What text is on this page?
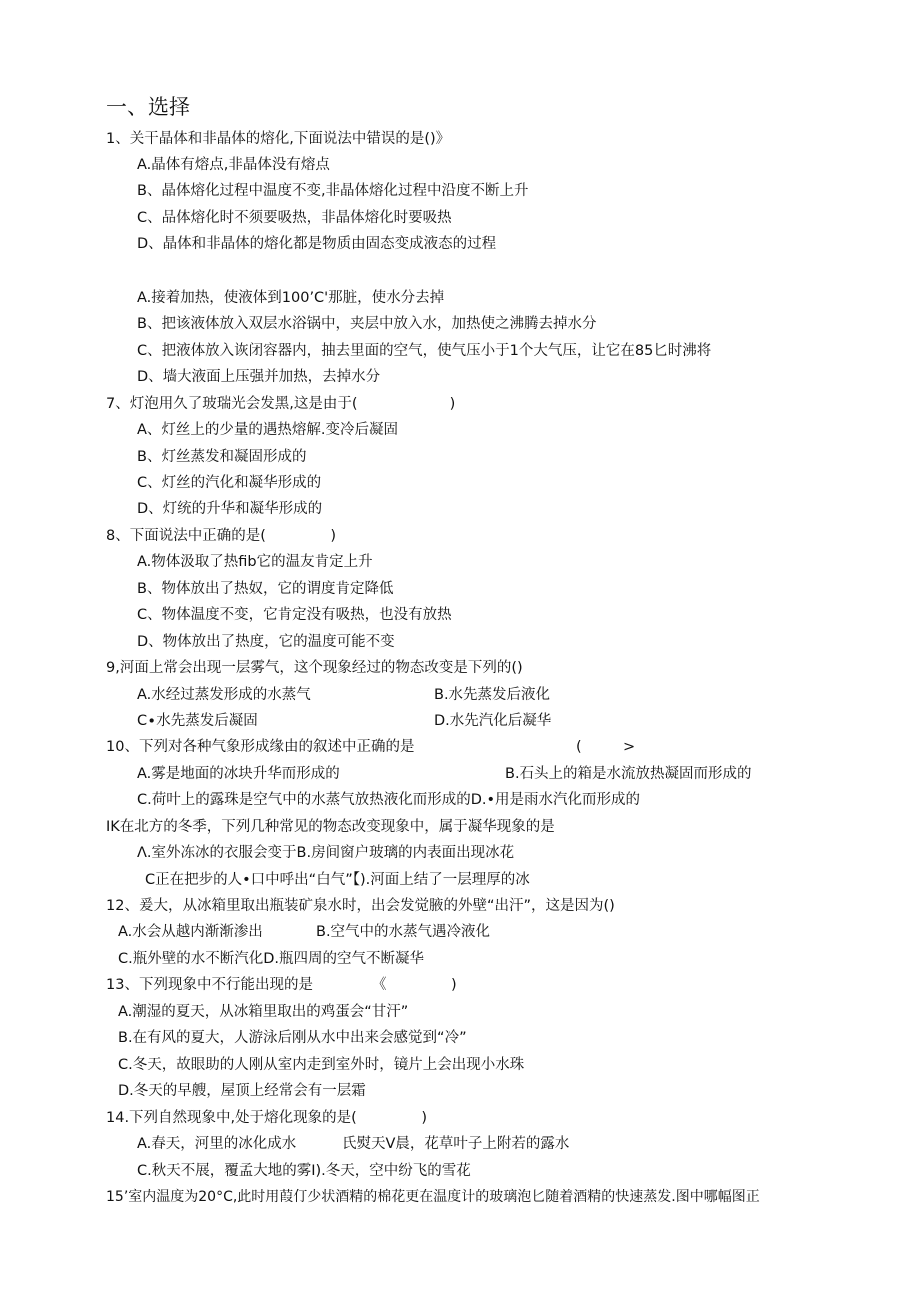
一、选择
1、关干晶体和非晶体的熔化,下面说法中错误的是()》
A.晶体有熔点,非晶体没有熔点
B、晶体熔化过程中温度不变,非晶体熔化过程中沿度不断上升
C、品体熔化时不须要吸热，非晶体熔化时要吸热
D、晶体和非晶体的熔化都是物质由固态变成液态的过程
A.接着加热，使液体到100’C'那脏，使水分去掉
B、把该液体放入双层水浴锅中，夹层中放入水，加热使之沸腾去掉水分
C、把液体放入诙闭容器内，抽去里面的空气，使气压小于1个大气压，让它在85匕时沸将
D、墙大液面上压强并加热，去掉水分
7、灯泡用久了玻瑞光会发黑,这是由于(                    )
A、灯丝上的少量的遇热熔解.变冷后凝固
B、灯丝蒸发和凝固形成的
C、灯丝的汽化和凝华形成的
D、灯统的升华和凝华形成的
8、下面说法中正确的是(              )
A.物体汲取了热fib它的温友肯定上升
B、物体放出了热奴，它的谓度肯定降低
C、物体温度不变，它肯定没有吸热，也没有放热
D、物体放出了热度，它的温度可能不变
9,河面上常会出现一层雾气，这个现象经过的物态改变是下列的()
A.水经过蒸发形成的水蒸气	B.水先蒸发后液化
C∙水先蒸发后凝固	D.水先汽化后凝华
10、下列对各种气象形成缘由的叙述中正确的是	(	>
A.雾是地面的冰块升华而形成的	B.石头上的箱是水流放热凝固而形成的
C.荷叶上的露珠是空气中的水蒸气放热液化而形成的D.•用是雨水汽化而形成的
IK在北方的冬季，下列几种常见的物态改变现象中，属于凝华现象的是
Λ.室外冻冰的衣服会变于B.房间窗户玻璃的内表面出现冰花
C正在把步的人•口中呼出“白气”【).河面上结了一层理厚的冰
12、爰大，从冰箱里取出瓶装矿泉水时，出会发觉腋的外壁“出汗”，这是因为()
A.水会从越内渐渐渗出	B.空气中的水蒸气遇冷液化
C.瓶外壁的水不断汽化D.瓶四周的空气不断凝华
13、下列现象中不行能出现的是	《              )
A.潮湿的夏天，从冰箱里取出的鸡蛋会“甘汗”
B.在有风的夏大，人游泳后刚从水中出来会感觉到“冷”
C.冬天，故眼助的人刚从室内走到室外时，镜片上会出现小水珠
D.冬天的早艘，屋顶上经常会有一层霜
14.下列自然现象中,处于熔化现象的是(              )
A.春天，河里的冰化成水	氏熨天V晨，花草叶子上附若的露水
C.秋天不展，覆孟大地的雾I).冬天，空中纷飞的雪花
15’室内温度为20°C,此时用葭仃少状酒精的棉花更在温度计的玻璃泡匕随着酒精的快速蒸发.图中哪幅图正
